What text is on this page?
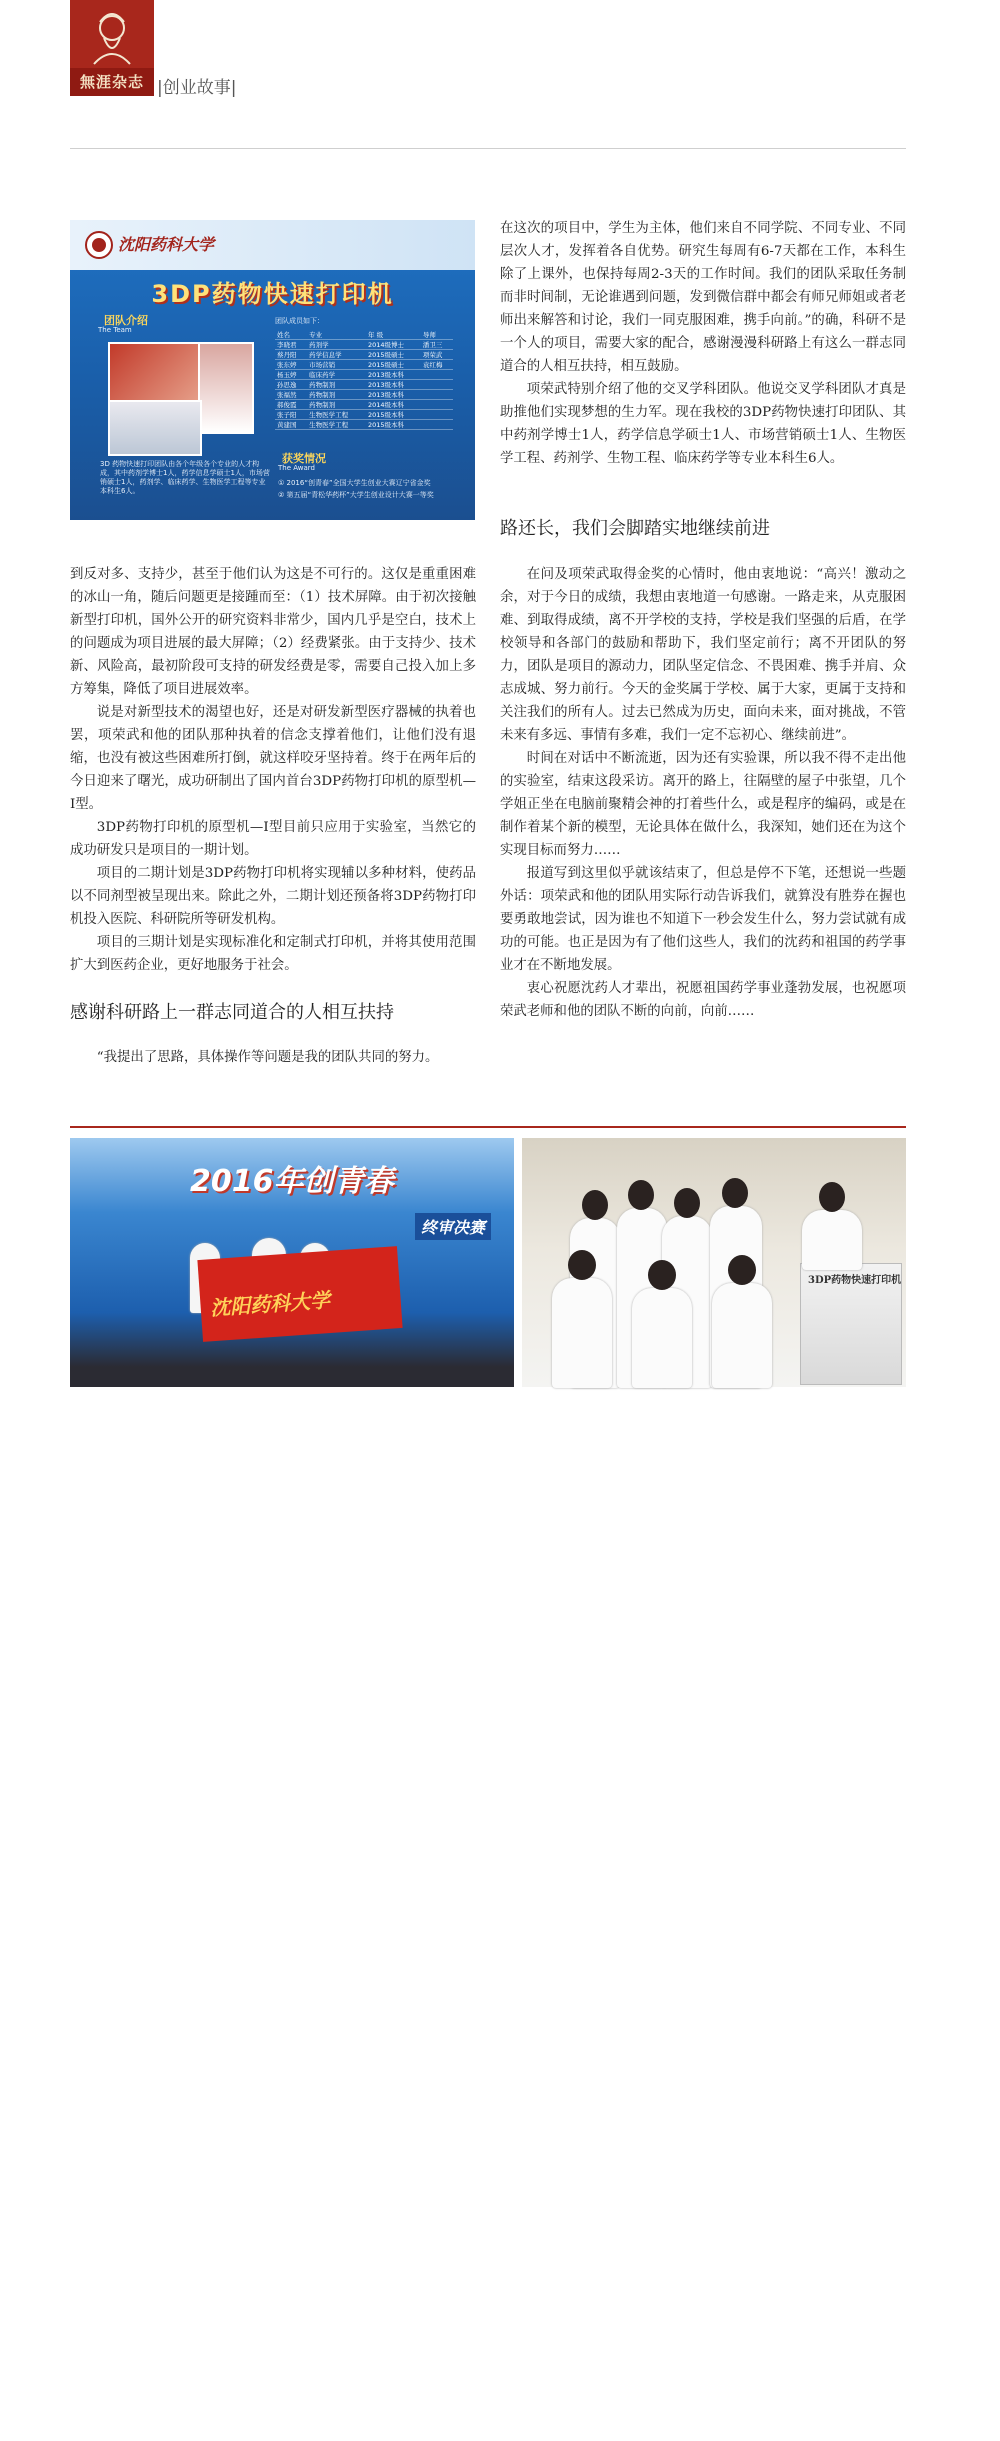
無涯杂志 |创业故事|
沈阳药科大学
3DP药物快速打印机
团队介绍
The Team
团队成员如下：
姓名	专业	年 级	导师
李晓君	药剂学	2014级博士	潘卫三
蔡丹阳	药学信息学	2015级硕士	项荣武
张东婷	市场营销	2015级硕士	袁红梅
杨玉婷	临床药学	2013级本科	
孙思逸	药物制剂	2013级本科	
张福然	药物制剂	2013级本科	
郝俊霞	药物制剂	2014级本科	
张子阳	生物医学工程	2015级本科	
黄建国	生物医学工程	2015级本科	
3D 药物快速打印团队由各个年级各个专业的人才构成，其中药剂学博士1人，药学信息学硕士1人，市场营销硕士1人，药剂学、临床药学、生物医学工程等专业本科生6人。
获奖情况
The Award
① 2016“创青春”全国大学生创业大赛辽宁省金奖
② 第五届“青松华药杯”大学生创业设计大赛一等奖

在这次的项目中，学生为主体，他们来自不同学院、不同专业、不同层次人才，发挥着各自优势。研究生每周有6-7天都在工作，本科生除了上课外，也保持每周2-3天的工作时间。我们的团队采取任务制而非时间制，无论谁遇到问题，发到微信群中都会有师兄师姐或者老师出来解答和讨论，我们一同克服困难，携手向前。”的确，科研不是一个人的项目，需要大家的配合，感谢漫漫科研路上有这么一群志同道合的人相互扶持，相互鼓励。

项荣武特别介绍了他的交叉学科团队。他说交叉学科团队才真是助推他们实现梦想的生力军。现在我校的3DP药物快速打印团队、其中药剂学博士1人，药学信息学硕士1人、市场营销硕士1人、生物医学工程、药剂学、生物工程、临床药学等专业本科生6人。

路还长，我们会脚踏实地继续前进

到反对多、支持少，甚至于他们认为这是不可行的。这仅是重重困难的冰山一角，随后问题更是接踵而至：（1）技术屏障。由于初次接触新型打印机，国外公开的研究资料非常少，国内几乎是空白，技术上的问题成为项目进展的最大屏障；（2）经费紧张。由于支持少、技术新、风险高，最初阶段可支持的研发经费是零，需要自己投入加上多方筹集，降低了项目进展效率。

说是对新型技术的渴望也好，还是对研发新型医疗器械的执着也罢，项荣武和他的团队那种执着的信念支撑着他们，让他们没有退缩，也没有被这些困难所打倒，就这样咬牙坚持着。终于在两年后的今日迎来了曙光，成功研制出了国内首台3DP药物打印机的原型机—I型。

3DP药物打印机的原型机—I型目前只应用于实验室，当然它的成功研发只是项目的一期计划。

项目的二期计划是3DP药物打印机将实现辅以多种材料，使药品以不同剂型被呈现出来。除此之外，二期计划还预备将3DP药物打印机投入医院、科研院所等研发机构。

项目的三期计划是实现标准化和定制式打印机，并将其使用范围扩大到医药企业，更好地服务于社会。

感谢科研路上一群志同道合的人相互扶持

“我提出了思路，具体操作等问题是我的团队共同的努力。

在问及项荣武取得金奖的心情时，他由衷地说：“高兴！激动之余，对于今日的成绩，我想由衷地道一句感谢。一路走来，从克服困难、到取得成绩，离不开学校的支持，学校是我们坚强的后盾，在学校领导和各部门的鼓励和帮助下，我们坚定前行；离不开团队的努力，团队是项目的源动力，团队坚定信念、不畏困难、携手并肩、众志成城、努力前行。今天的金奖属于学校、属于大家，更属于支持和关注我们的所有人。过去已然成为历史，面向未来，面对挑战，不管未来有多远、事情有多难，我们一定不忘初心、继续前进”。

时间在对话中不断流逝，因为还有实验课，所以我不得不走出他的实验室，结束这段采访。离开的路上，往隔壁的屋子中张望，几个学姐正坐在电脑前聚精会神的打着些什么，或是程序的编码，或是在制作着某个新的模型，无论具体在做什么，我深知，她们还在为这个实现目标而努力……

报道写到这里似乎就该结束了，但总是停不下笔，还想说一些题外话：项荣武和他的团队用实际行动告诉我们，就算没有胜券在握也要勇敢地尝试，因为谁也不知道下一秒会发生什么，努力尝试就有成功的可能。也正是因为有了他们这些人，我们的沈药和祖国的药学事业才在不断地发展。

衷心祝愿沈药人才辈出，祝愿祖国药学事业蓬勃发展，也祝愿项荣武老师和他的团队不断的向前，向前……

2016年创青春
终审决赛
沈阳药科大学
42
3DP药物快速打印机
